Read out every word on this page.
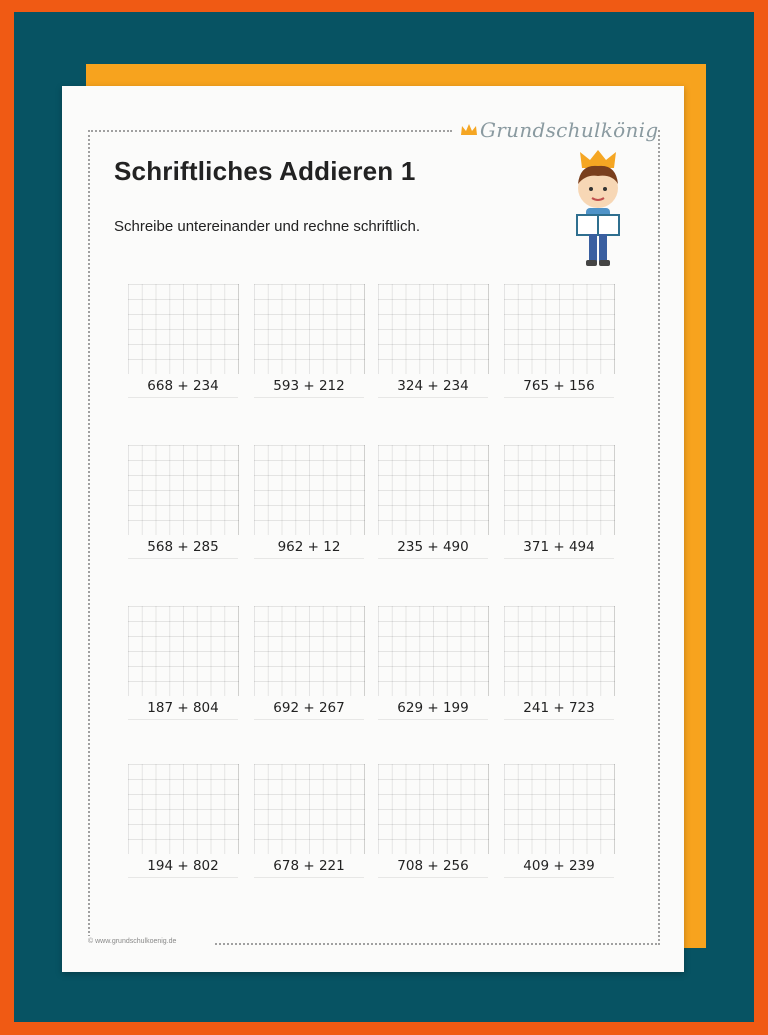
Grundschulkönig
Schriftliches Addieren 1
Schreibe untereinander und rechne schriftlich.
668 + 234	593 + 212	324 + 234	765 + 156
568 + 285	962 + 12	235 + 490	371 + 494
187 + 804	692 + 267	629 + 199	241 + 723
194 + 802	678 + 221	708 + 256	409 + 239
© www.grundschulkoenig.de
